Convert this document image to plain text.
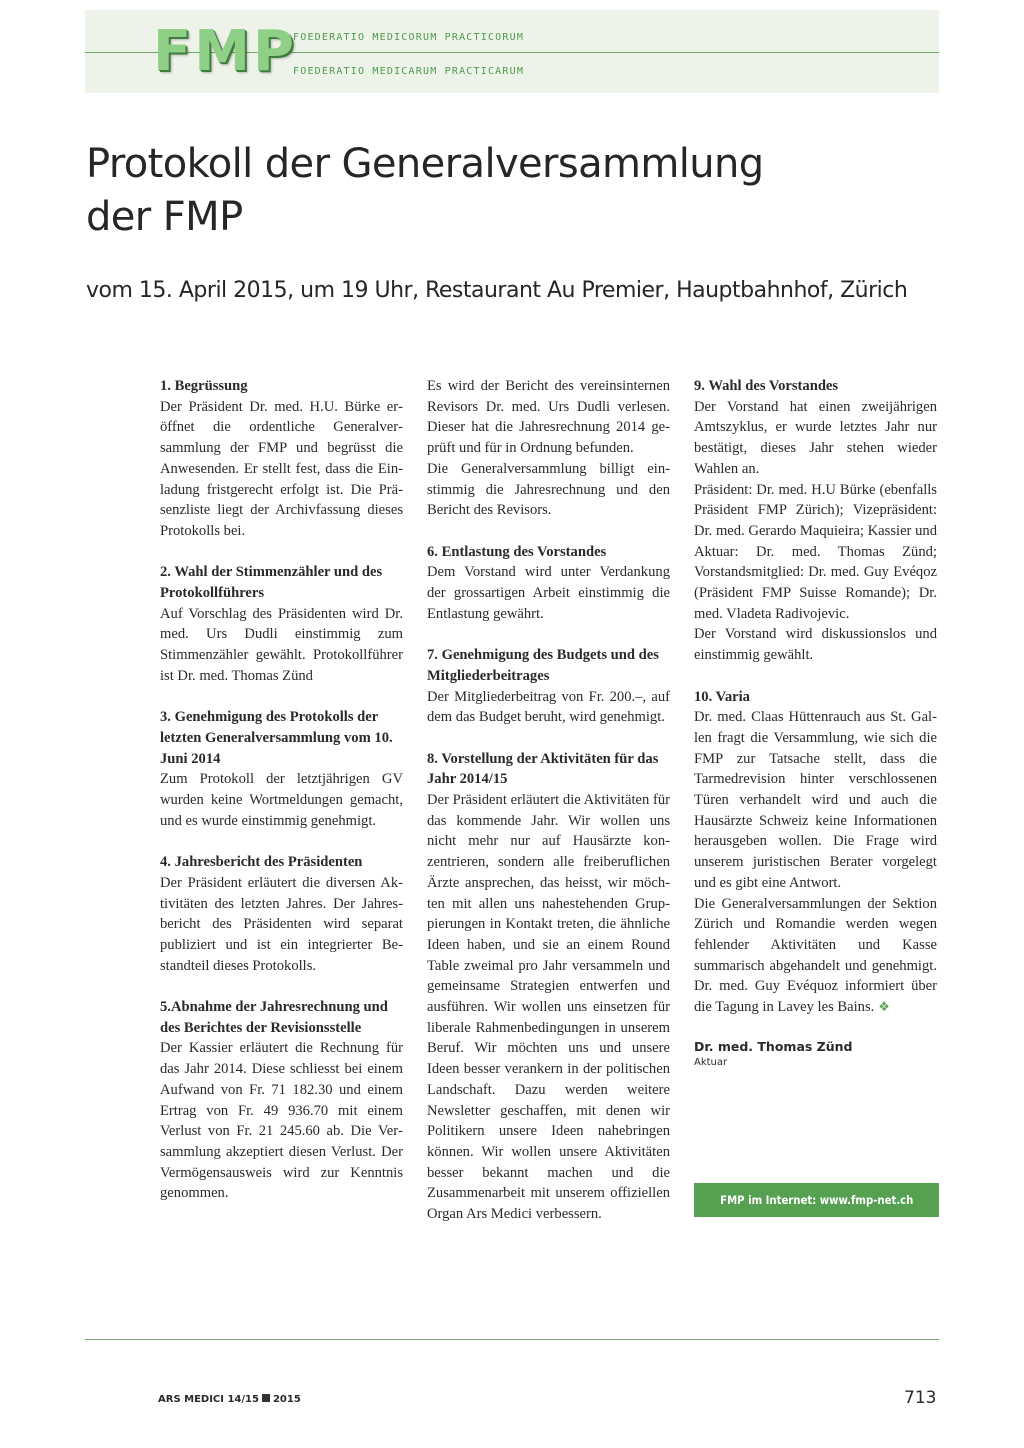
FMP
FOEDERATIO MEDICORUM PRACTICORUM
FOEDERATIO MEDICARUM PRACTICARUM
Protokoll der Generalversammlung
der FMP
vom 15. April 2015, um 19 Uhr, Restaurant Au Premier, Hauptbahnhof, Zürich
1. Begrüssung

Der Präsident Dr. med. H.U. Bürke eröffnet die ordentliche Generalversammlung der FMP und begrüsst die Anwesenden. Er stellt fest, dass die Einladung fristgerecht erfolgt ist. Die Präsenzliste liegt der Archivfassung dieses Protokolls bei.

2. Wahl der Stimmenzähler und des Protokollführers

Auf Vorschlag des Präsidenten wird Dr. med. Urs Dudli einstimmig zum Stimmenzähler gewählt. Protokollführer ist Dr. med. Thomas Zünd

3. Genehmigung des Protokolls der letzten Generalversammlung vom 10. Juni 2014

Zum Protokoll der letztjährigen GV wurden keine Wortmeldungen gemacht, und es wurde einstimmig genehmigt.

4. Jahresbericht des Präsidenten

Der Präsident erläutert die diversen Aktivitäten des letzten Jahres. Der Jahresbericht des Präsidenten wird separat publiziert und ist ein integrierter Bestandteil dieses Protokolls.

5.Abnahme der Jahresrechnung und des Berichtes der Revisionsstelle

Der Kassier erläutert die Rechnung für das Jahr 2014. Diese schliesst bei einem Aufwand von Fr. 71 182.30 und einem Ertrag von Fr. 49 936.70 mit einem Verlust von Fr. 21 245.60 ab. Die Versammlung akzeptiert diesen Verlust. Der Vermögensausweis wird zur Kenntnis genommen.

Es wird der Bericht des vereinsinternen Revisors Dr. med. Urs Dudli verlesen. Dieser hat die Jahresrechnung 2014 geprüft und für in Ordnung befunden.

Die Generalversammlung billigt einstimmig die Jahresrechnung und den Bericht des Revisors.

6. Entlastung des Vorstandes

Dem Vorstand wird unter Verdankung der grossartigen Arbeit einstimmig die Entlastung gewährt.

7. Genehmigung des Budgets und des Mitgliederbeitrages

Der Mitgliederbeitrag von Fr. 200.–, auf dem das Budget beruht, wird genehmigt.

8. Vorstellung der Aktivitäten für das Jahr 2014/15

Der Präsident erläutert die Aktivitäten für das kommende Jahr. Wir wollen uns nicht mehr nur auf Hausärzte konzentrieren, sondern alle freiberuflichen Ärzte ansprechen, das heisst, wir möchten mit allen uns nahestehenden Gruppierungen in Kontakt treten, die ähnliche Ideen haben, und sie an einem Round Table zweimal pro Jahr versammeln und gemeinsame Strategien entwerfen und ausführen. Wir wollen uns einsetzen für liberale Rahmenbedingungen in unserem Beruf. Wir möchten uns und unsere Ideen besser verankern in der politischen Landschaft. Dazu werden weitere Newsletter geschaffen, mit denen wir Politikern unsere Ideen nahebringen können. Wir wollen unsere Aktivitäten besser bekannt machen und die Zusammenarbeit mit unserem offiziellen Organ Ars Medici verbessern.

9. Wahl des Vorstandes

Der Vorstand hat einen zweijährigen Amtszyklus, er wurde letztes Jahr nur bestätigt, dieses Jahr stehen wieder Wahlen an.

Präsident: Dr. med. H.U Bürke (ebenfalls Präsident FMP Zürich); Vizepräsident: Dr. med. Gerardo Maquieira; Kassier und Aktuar: Dr. med. Thomas Zünd; Vorstandsmitglied: Dr. med. Guy Evéqoz (Präsident FMP Suisse Romande); Dr. med. Vladeta Radivojevic.

Der Vorstand wird diskussionslos und einstimmig gewählt.

10. Varia

Dr. med. Claas Hüttenrauch aus St. Gallen fragt die Versammlung, wie sich die FMP zur Tatsache stellt, dass die Tarmedrevision hinter verschlossenen Türen verhandelt wird und auch die Hausärzte Schweiz keine Informationen herausgeben wollen. Die Frage wird unserem juristischen Berater vorgelegt und es gibt eine Antwort.

Die Generalversammlungen der Sektion Zürich und Romandie werden wegen fehlender Aktivitäten und Kasse summarisch abgehandelt und genehmigt. Dr. med. Guy Evéquoz informiert über die Tagung in Lavey les Bains. ❖

Dr. med. Thomas Zünd
Aktuar
FMP im Internet: www.fmp-net.ch
ARS MEDICI 14/15 2015	713
